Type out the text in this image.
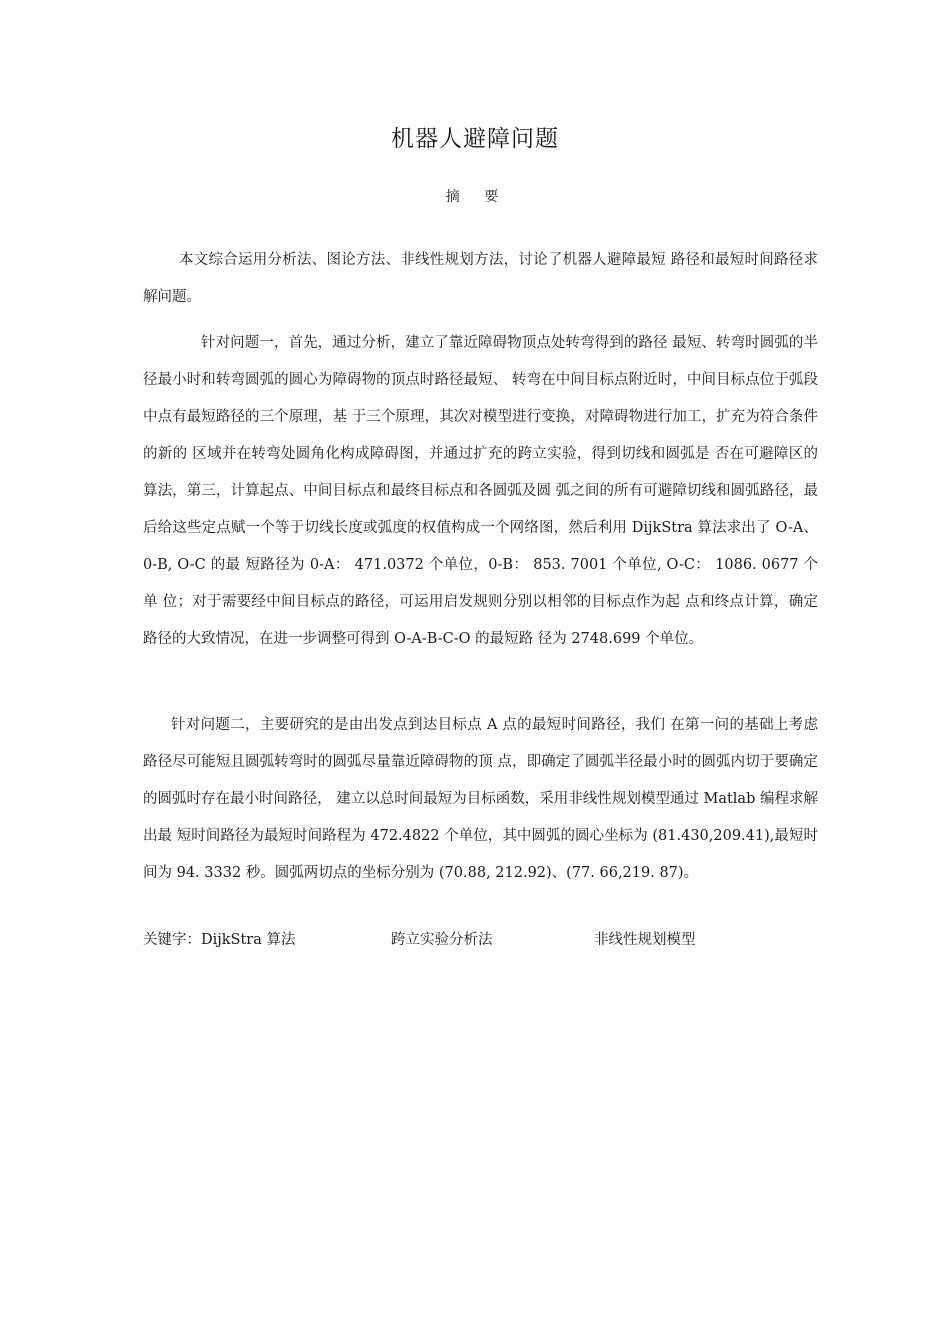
机器人避障问题
摘 要

本文综合运用分析法、图论方法、非线性规划方法，讨论了机器人避障最短 路径和最短时间路径求解问题。

针对问题一，首先，通过分析，建立了靠近障碍物顶点处转弯得到的路径 最短、转弯时圆弧的半径最小时和转弯圆弧的圆心为障碍物的顶点时路径最短、 转弯在中间目标点附近时，中间目标点位于弧段中点有最短路径的三个原理，基 于三个原理，其次对模型进行变换，对障碍物进行加工，扩充为符合条件的新的 区域并在转弯处圆角化构成障碍图，并通过扩充的跨立实验，得到切线和圆弧是 否在可避障区的算法，第三，计算起点、中间目标点和最终目标点和各圆弧及圆 弧之间的所有可避障切线和圆弧路径，最后给这些定点赋一个等于切线长度或弧度的权值构成一个网络图，然后利用 DijkStra 算法求出了 O-A、0-B, O-C 的最 短路径为 0-A： 471.0372 个单位，0-B： 853. 7001 个单位, O-C： 1086. 0677 个单 位；对于需要经中间目标点的路径，可运用启发规则分别以相邻的目标点作为起 点和终点计算，确定路径的大致情况，在进一步调整可得到 O-A-B-C-O 的最短路 径为 2748.699 个单位。

针对问题二，主要研究的是由出发点到达目标点 A 点的最短时间路径，我们 在第一问的基础上考虑路径尽可能短且圆弧转弯时的圆弧尽量靠近障碍物的顶 点，即确定了圆弧半径最小时的圆弧内切于要确定的圆弧时存在最小时间路径， 建立以总时间最短为目标函数，采用非线性规划模型通过 Matlab 编程求解出最 短时间路径为最短时间路程为 472.4822 个单位，其中圆弧的圆心坐标为 (81.430,209.41),最短时间为 94. 3332 秒。圆弧两切点的坐标分别为 (70.88, 212.92)、(77. 66,219. 87)。

关键字：DijkStra 算法	跨立实验分析法	非线性规划模型
